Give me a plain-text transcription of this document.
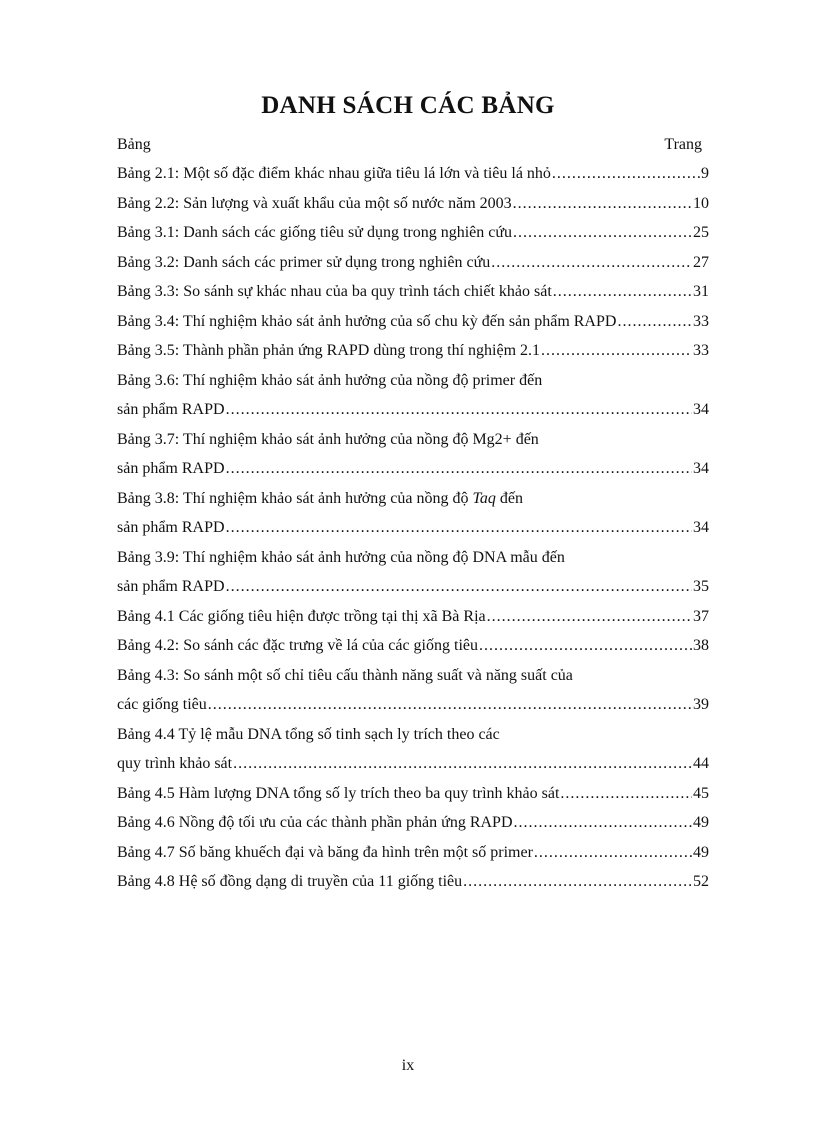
DANH SÁCH CÁC BẢNG
Bảng	Trang
Bảng 2.1: Một số đặc điểm khác nhau giữa tiêu lá lớn và tiêu lá nhỏ . . .	9
Bảng 2.2: Sản lượng và xuất khẩu của một số nước năm 2003 . . .	10
Bảng 3.1: Danh sách các giống tiêu sử dụng trong nghiên cứu . . .	25
Bảng 3.2: Danh sách các primer sử dụng trong nghiên cứu . . .	27
Bảng 3.3: So sánh sự khác nhau của ba quy trình tách chiết khảo sát . . .	31
Bảng 3.4: Thí nghiệm khảo sát ảnh hưởng của số chu kỳ đến sản phẩm RAPD . . .	33
Bảng 3.5: Thành phần phản ứng RAPD dùng trong thí nghiệm 2.1 . . .	33
Bảng 3.6: Thí nghiệm khảo sát ảnh hưởng của nồng độ primer đến
sản phẩm RAPD . . .	34
Bảng 3.7: Thí nghiệm khảo sát ảnh hưởng của nồng độ Mg2+ đến
sản phẩm RAPD . . .	34
Bảng 3.8: Thí nghiệm khảo sát ảnh hưởng của nồng độ Taq đến
sản phẩm RAPD . . .	34
Bảng 3.9: Thí nghiệm khảo sát ảnh hưởng của nồng độ DNA mẫu đến
sản phẩm RAPD . . .	35
Bảng 4.1 Các giống tiêu hiện được trồng tại thị xã Bà Rịa . . .	37
Bảng 4.2: So sánh các đặc trưng về lá của các giống tiêu . . .	38
Bảng 4.3: So sánh một số chỉ tiêu cấu thành năng suất và năng suất của
các giống tiêu . . .	39
Bảng 4.4 Tỷ lệ mẫu DNA tổng số tinh sạch ly trích theo các
quy trình khảo sát . . .	44
Bảng 4.5 Hàm lượng DNA tổng số ly trích theo ba quy trình khảo sát . . .	45
Bảng 4.6 Nồng độ tối ưu của các thành phần phản ứng RAPD . . .	49
Bảng 4.7 Số băng khuếch đại và băng đa hình trên một số primer . . .	49
Bảng 4.8 Hệ số đồng dạng di truyền của 11 giống tiêu . . .	52
ix
